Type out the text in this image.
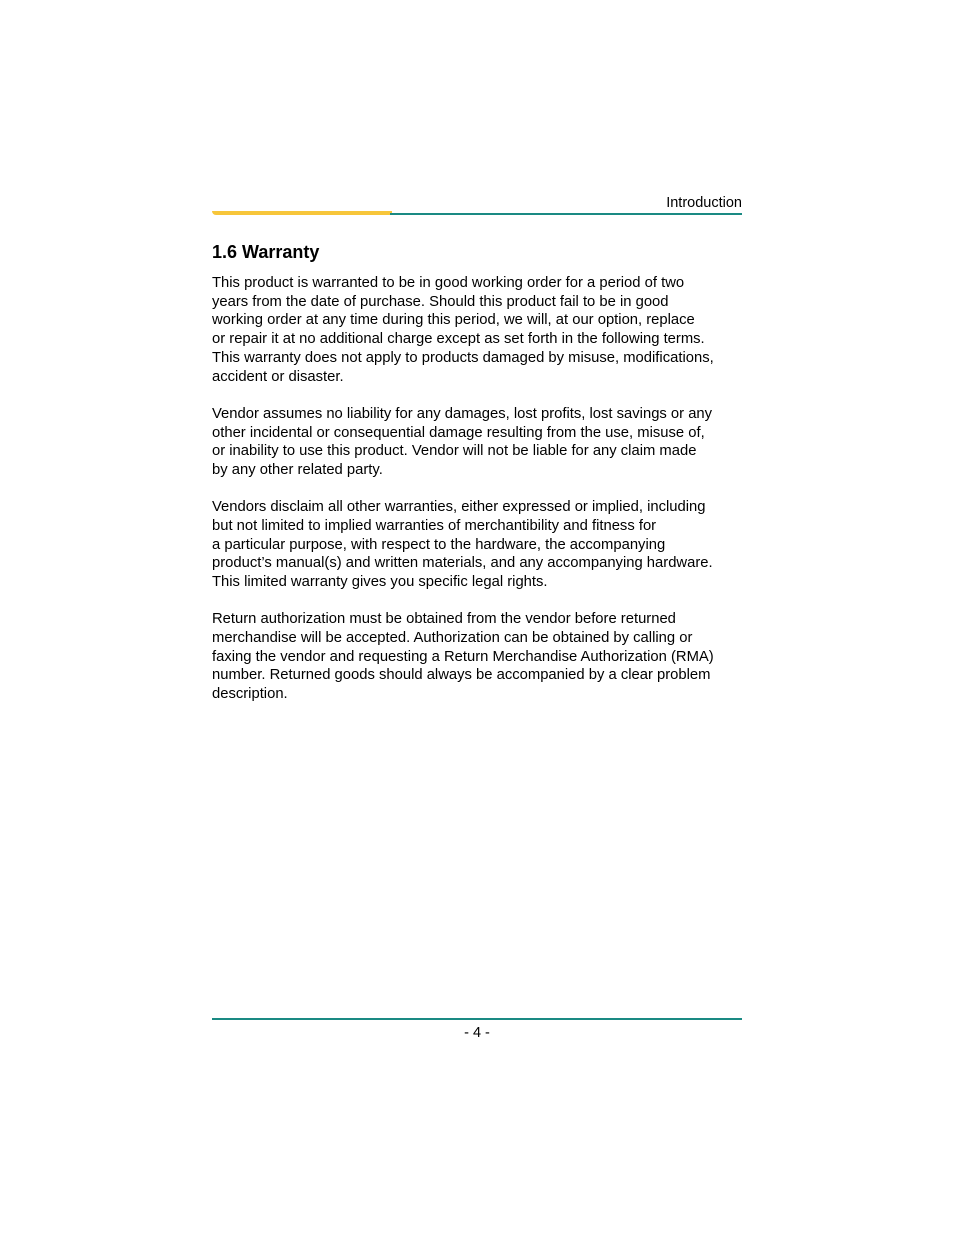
Introduction
1.6 Warranty

This product is warranted to be in good working order for a period of two
years from the date of purchase. Should this product fail to be in good
working order at any time during this period, we will, at our option, replace
or repair it at no additional charge except as set forth in the following terms.
This warranty does not apply to products damaged by misuse, modifications,
accident or disaster.

Vendor assumes no liability for any damages, lost profits, lost savings or any
other incidental or consequential damage resulting from the use, misuse of,
or inability to use this product. Vendor will not be liable for any claim made
by any other related party.

Vendors disclaim all other warranties, either expressed or implied, including
but not limited to implied warranties of merchantibility and fitness for
a particular purpose, with respect to the hardware, the accompanying
product’s manual(s) and written materials, and any accompanying hardware.
This limited warranty gives you specific legal rights.

Return authorization must be obtained from the vendor before returned
merchandise will be accepted. Authorization can be obtained by calling or
faxing the vendor and requesting a Return Merchandise Authorization (RMA)
number. Returned goods should always be accompanied by a clear problem
description.

- 4 -
